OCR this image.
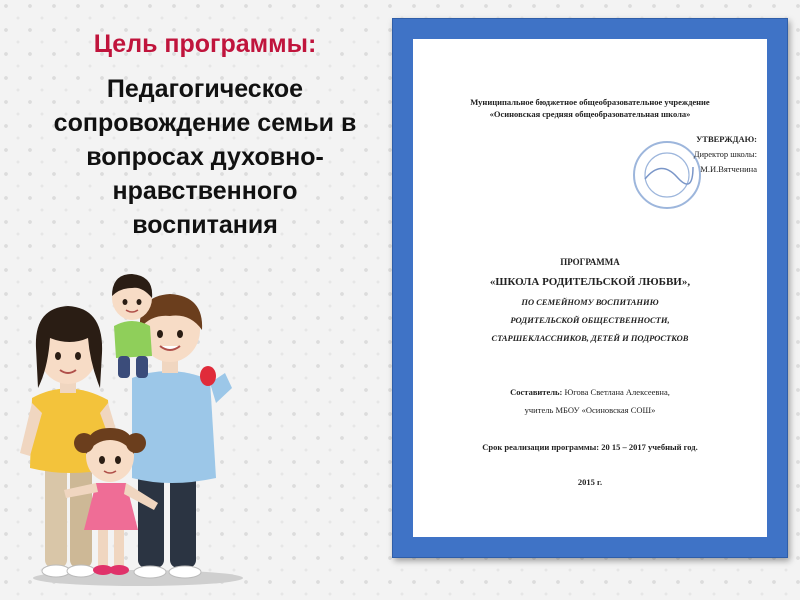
Цель программы:
Педагогическое
сопровождение семьи в
вопросах духовно-
нравственного
воспитания
Муниципальное бюджетное общеобразовательное учреждение
«Осиновская средняя общеобразовательная школа»
УТВЕРЖДАЮ:
Директор школы:
М.И.Вятченина
ПРОГРАММА
«ШКОЛА РОДИТЕЛЬСКОЙ ЛЮБВИ»,
ПО СЕМЕЙНОМУ ВОСПИТАНИЮ
РОДИТЕЛЬСКОЙ ОБЩЕСТВЕННОСТИ,
СТАРШЕКЛАССНИКОВ, ДЕТЕЙ И ПОДРОСТКОВ
Составитель: Югова Светлана Алексеевна,
учитель МБОУ «Осиновская СОШ»
Срок реализации программы: 20 15 – 2017 учебный год.
2015 г.
